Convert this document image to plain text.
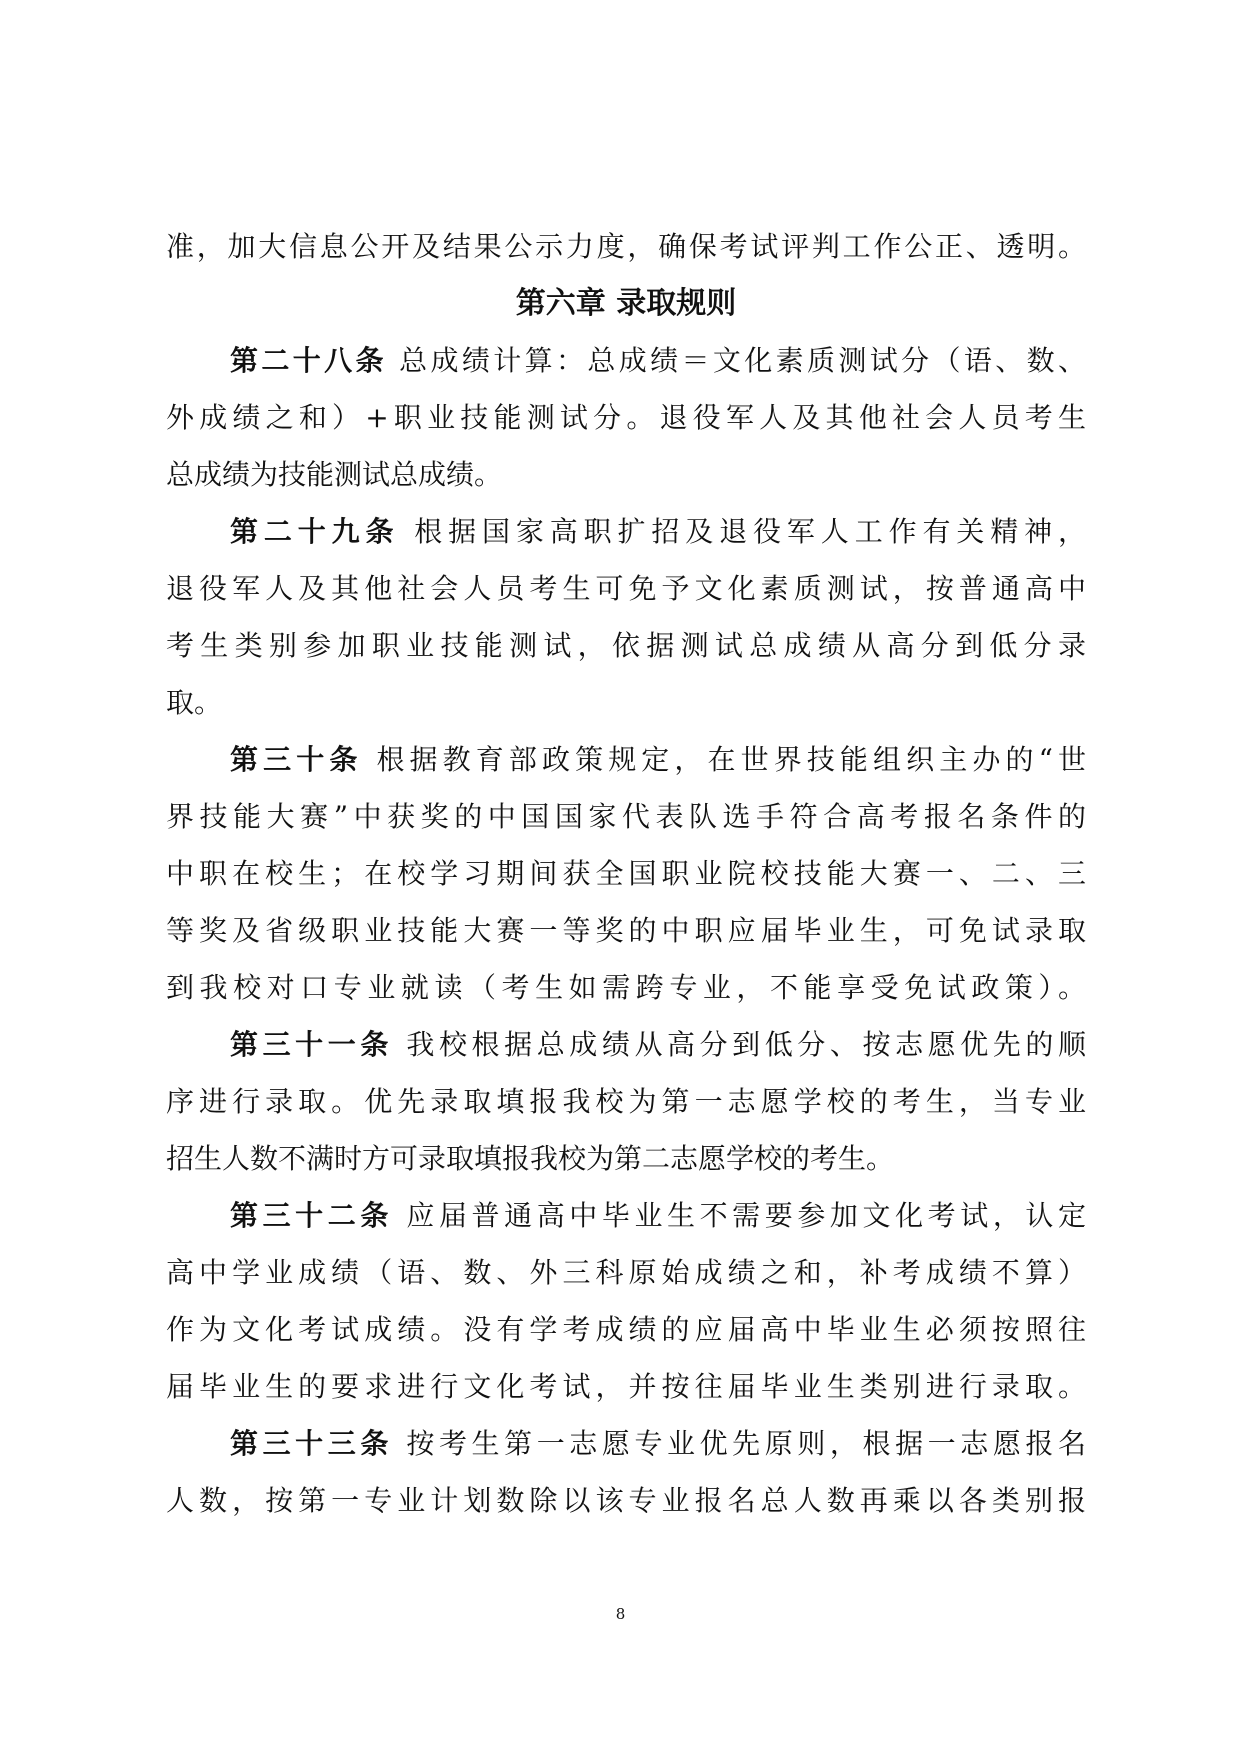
准，加大信息公开及结果公示力度，确保考试评判工作公正、透明。
第六章 录取规则
第二十八条 总成绩计算：总成绩＝文化素质测试分（语、数、
外成绩之和）+职业技能测试分。退役军人及其他社会人员考生
总成绩为技能测试总成绩。
第二十九条 根据国家高职扩招及退役军人工作有关精神，
退役军人及其他社会人员考生可免予文化素质测试，按普通高中
考生类别参加职业技能测试，依据测试总成绩从高分到低分录
取。
第三十条 根据教育部政策规定，在世界技能组织主办的“世
界技能大赛”中获奖的中国国家代表队选手符合高考报名条件的
中职在校生；在校学习期间获全国职业院校技能大赛一、二、三
等奖及省级职业技能大赛一等奖的中职应届毕业生，可免试录取
到我校对口专业就读（考生如需跨专业，不能享受免试政策）。
第三十一条 我校根据总成绩从高分到低分、按志愿优先的顺
序进行录取。优先录取填报我校为第一志愿学校的考生，当专业
招生人数不满时方可录取填报我校为第二志愿学校的考生。
第三十二条 应届普通高中毕业生不需要参加文化考试，认定
高中学业成绩（语、数、外三科原始成绩之和，补考成绩不算）
作为文化考试成绩。没有学考成绩的应届高中毕业生必须按照往
届毕业生的要求进行文化考试，并按往届毕业生类别进行录取。
第三十三条 按考生第一志愿专业优先原则，根据一志愿报名
人数，按第一专业计划数除以该专业报名总人数再乘以各类别报
8
